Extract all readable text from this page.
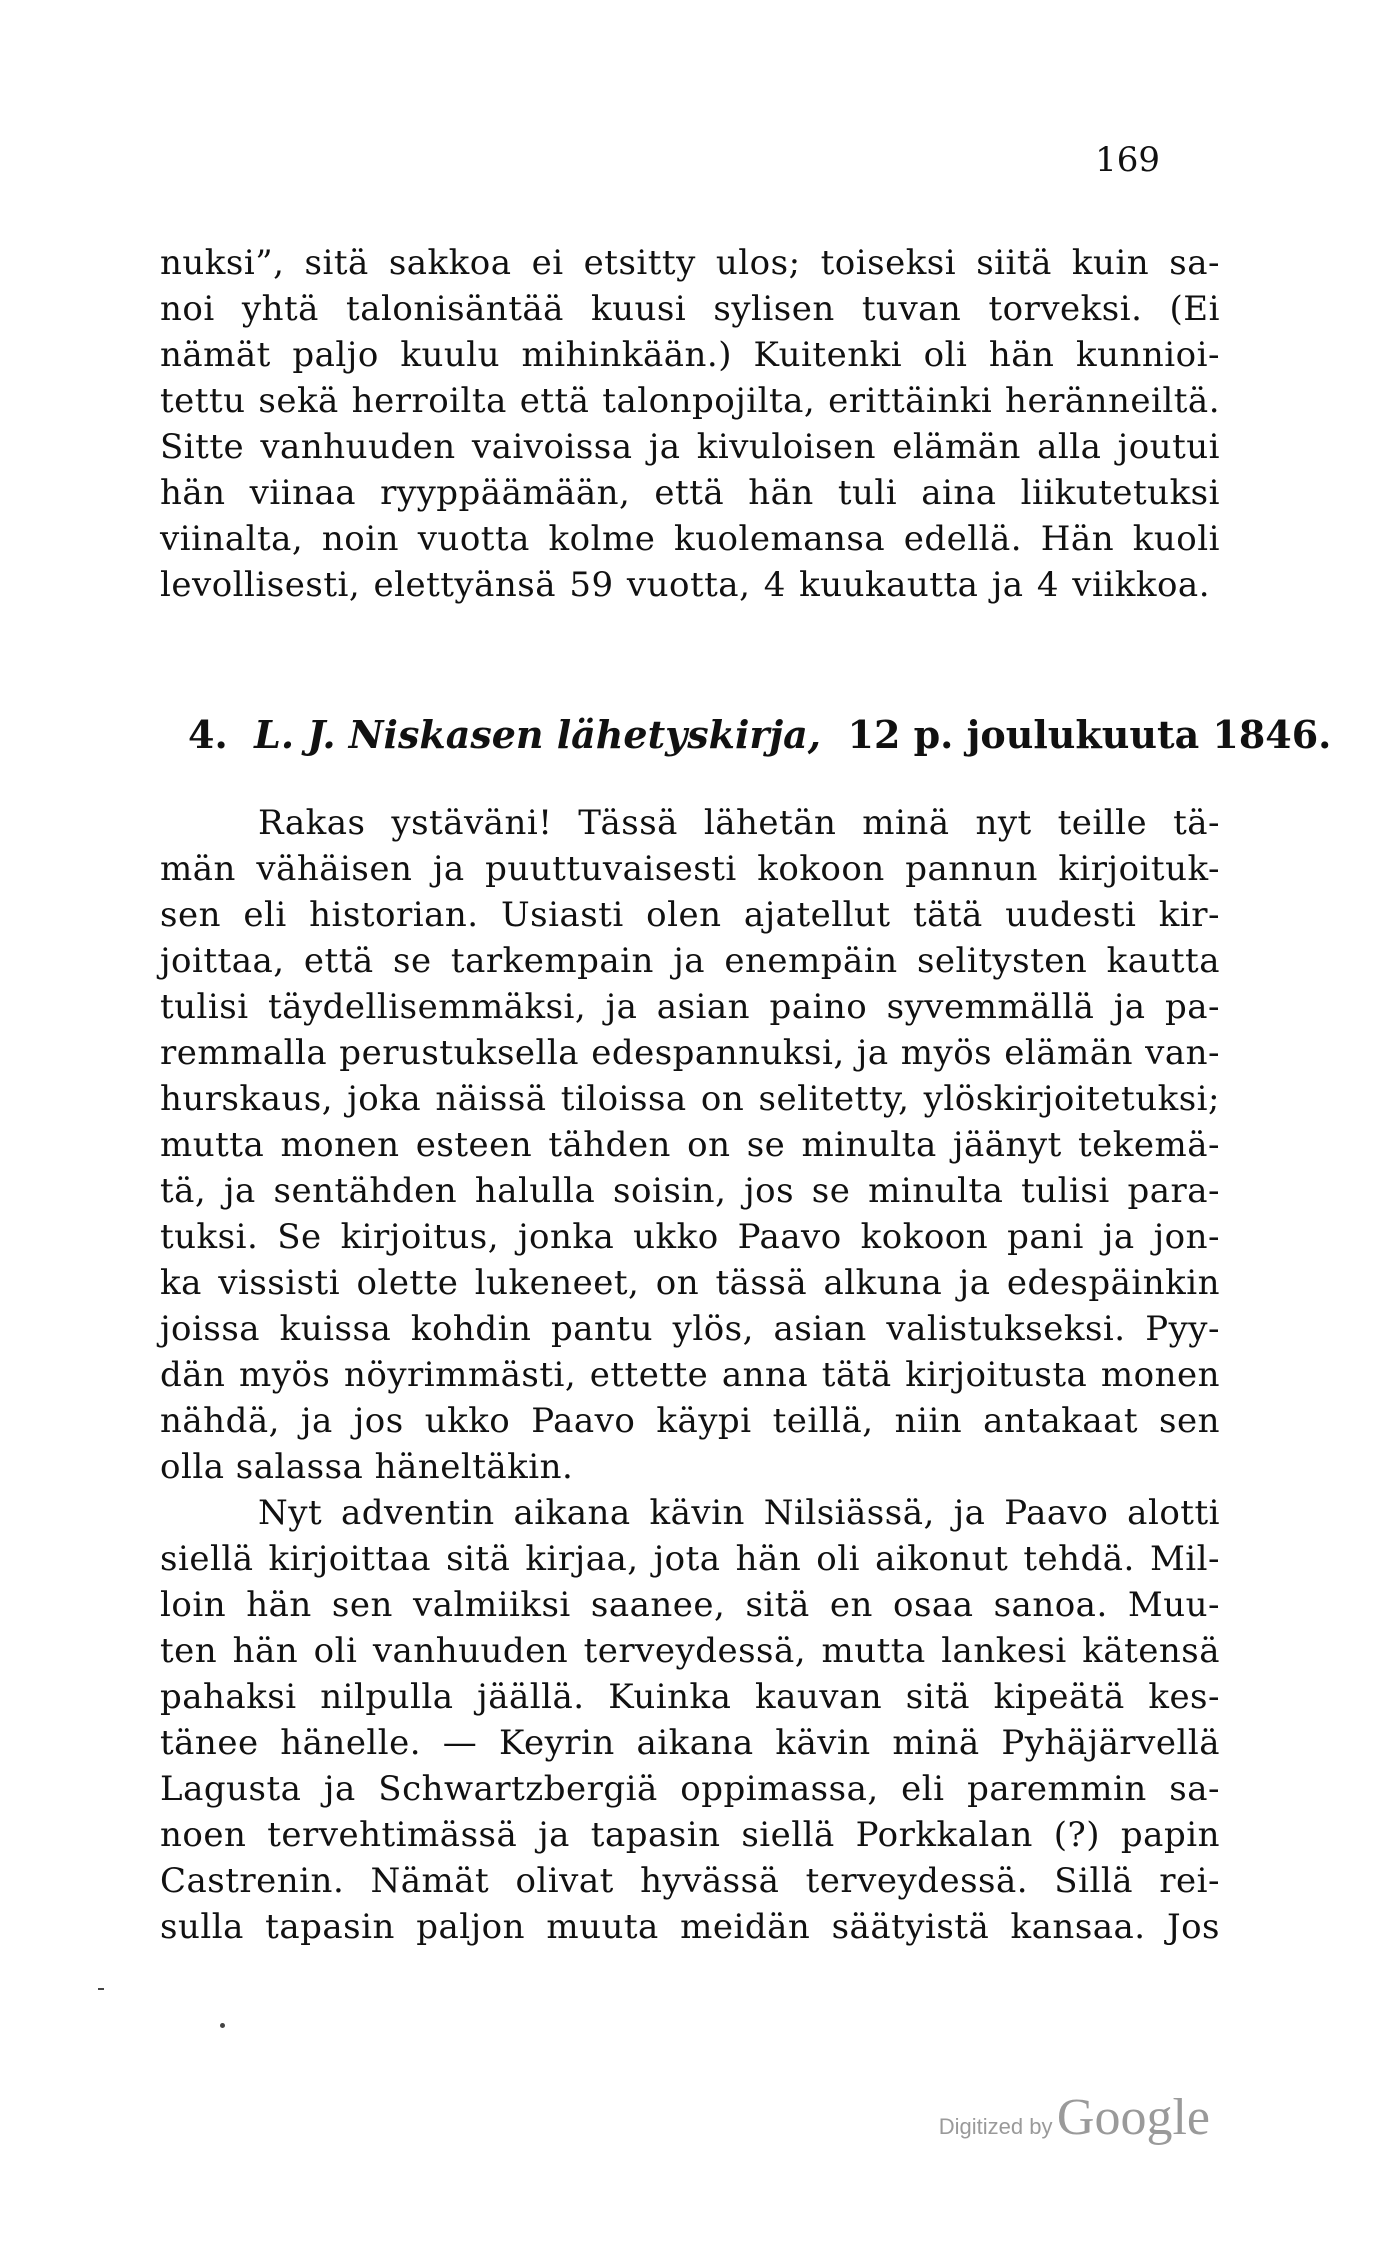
169
nuksi”, sitä sakkoa ei etsitty ulos; toiseksi siitä kuin sa-
noi yhtä talonisäntää kuusi sylisen tuvan torveksi. (Ei
nämät paljo kuulu mihinkään.) Kuitenki oli hän kunnioi-
tettu sekä herroilta että talonpojilta, erittäinki heränneiltä.
Sitte vanhuuden vaivoissa ja kivuloisen elämän alla joutui
hän viinaa ryyppäämään, että hän tuli aina liikutetuksi
viinalta, noin vuotta kolme kuolemansa edellä. Hän kuoli
levollisesti, elettyänsä 59 vuotta, 4 kuukautta ja 4 viikkoa.
4. L. J. Niskasen lähetyskirja, 12 p. joulukuuta 1846.
Rakas ystäväni! Tässä lähetän minä nyt teille tä-
män vähäisen ja puuttuvaisesti kokoon pannun kirjoituk-
sen eli historian. Usiasti olen ajatellut tätä uudesti kir-
joittaa, että se tarkempain ja enempäin selitysten kautta
tulisi täydellisemmäksi, ja asian paino syvemmällä ja pa-
remmalla perustuksella edespannuksi, ja myös elämän van-
hurskaus, joka näissä tiloissa on selitetty, ylöskirjoitetuksi;
mutta monen esteen tähden on se minulta jäänyt tekemä-
tä, ja sentähden halulla soisin, jos se minulta tulisi para-
tuksi. Se kirjoitus, jonka ukko Paavo kokoon pani ja jon-
ka vissisti olette lukeneet, on tässä alkuna ja edespäinkin
joissa kuissa kohdin pantu ylös, asian valistukseksi. Pyy-
dän myös nöyrimmästi, ettette anna tätä kirjoitusta monen
nähdä, ja jos ukko Paavo käypi teillä, niin antakaat sen
olla salassa häneltäkin.
Nyt adventin aikana kävin Nilsiässä, ja Paavo alotti
siellä kirjoittaa sitä kirjaa, jota hän oli aikonut tehdä. Mil-
loin hän sen valmiiksi saanee, sitä en osaa sanoa. Muu-
ten hän oli vanhuuden terveydessä, mutta lankesi kätensä
pahaksi nilpulla jäällä. Kuinka kauvan sitä kipeätä kes-
tänee hänelle. — Keyrin aikana kävin minä Pyhäjärvellä
Lagusta ja Schwartzbergiä oppimassa, eli paremmin sa-
noen tervehtimässä ja tapasin siellä Porkkalan (?) papin
Castrenin. Nämät olivat hyvässä terveydessä. Sillä rei-
sulla tapasin paljon muuta meidän säätyistä kansaa. Jos
Digitized by Google
